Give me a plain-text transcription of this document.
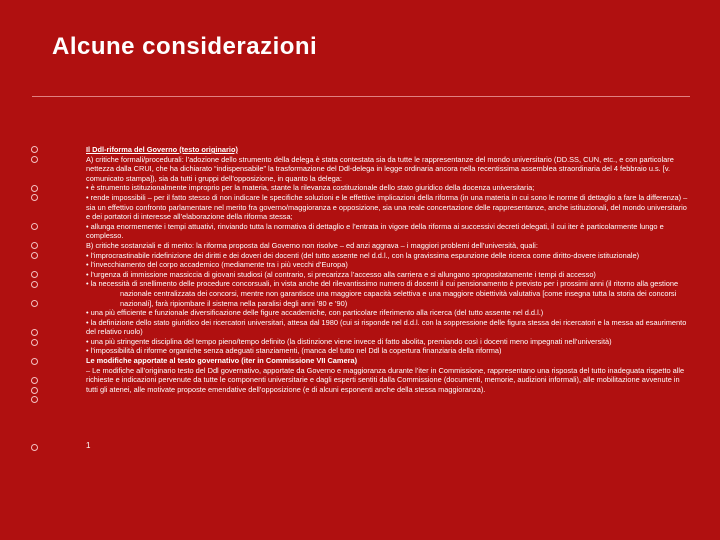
Alcune considerazioni

Il Ddl-riforma del Governo (testo originario)

A) critiche formali/procedurali: l’adozione dello strumento della delega è stata contestata sia da tutte le rappresentanze del mondo universitario (DD.SS, CUN, etc., e con particolare nettezza dalla CRUI, che ha dichiarato “indispensabile” la trasformazione del Ddl-delega in legge ordinaria ancora nella recentissima assemblea straordinaria del 4 febbraio u.s. [v. comunicato stampa]), sia da tutti i gruppi dell’opposizione, in quanto la delega:

• è strumento istituzionalmente improprio per la materia, stante la rilevanza costituzionale dello stato giuridico della docenza universitaria;

• rende impossibili – per il fatto stesso di non indicare le specifiche soluzioni e le effettive implicazioni della riforma (in una materia in cui sono le norme di dettaglio a fare la differenza) – sia un effettivo confronto parlamentare nel merito fra governo/maggioranza e opposizione, sia una reale concertazione delle rappresentanze, anche istituzionali, del mondo universitario e dei portatori di interesse all’elaborazione della riforma stessa;

• allunga enormemente i tempi attuativi, rinviando tutta la normativa di dettaglio e l’entrata in vigore della riforma ai successivi decreti delegati, il cui iter è particolarmente lungo e complesso.

B) critiche sostanziali e di merito: la riforma proposta dal Governo non risolve – ed anzi aggrava – i maggiori problemi dell’università, quali:

• l’improcrastinabile ridefinizione dei diritti e dei doveri dei docenti (del tutto assente nel d.d.l., con la gravissima espunzione delle ricerca come diritto-dovere istituzionale)

• l’invecchiamento del corpo accademico (mediamente tra i più vecchi d’Europa)

• l’urgenza di immissione massiccia di giovani studiosi (al contrario, si precarizza l’accesso alla carriera e si allungano spropositatamente i tempi di accesso)

• la necessità di snellimento delle procedure concorsuali, in vista anche del rilevantissimo numero di docenti il cui pensionamento è previsto per i prossimi anni (il ritorno alla gestione nazionale centralizzata dei concorsi, mentre non garantisce una maggiore capacità selettiva e una maggiore obiettività valutativa [come insegna tutta la storia dei concorsi nazionali], farà ripiombare il sistema nella paralisi degli anni ’80 e ’90)

• una più efficiente e funzionale diversificazione delle figure accademiche, con particolare riferimento alla ricerca (del tutto assente nel d.d.l.)

• la definizione dello stato giuridico dei ricercatori universitari, attesa dal 1980 (cui si risponde nel d.d.l. con la soppressione delle figura stessa dei ricercatori e la messa ad esaurimento del relativo ruolo)

• una più stringente disciplina del tempo pieno/tempo definito (la distinzione viene invece di fatto abolita, premiando così i docenti meno impegnati nell’università)

• l’impossibilità di riforme organiche senza adeguati stanziamenti, (manca del tutto nel Ddl la copertura finanziaria della riforma)

Le modifiche apportate al testo governativo (iter in Commissione VII Camera)

– Le modifiche all’originario testo del Ddl governativo, apportate da Governo e maggioranza durante l’iter in Commissione, rappresentano una risposta del tutto inadeguata rispetto alle richieste e indicazioni pervenute da tutte le componenti universitarie e dagli esperti sentiti dalla Commissione (documenti, memorie, audizioni informali), alle mobilitazione avvenute in tutti gli atenei, alle motivate proposte emendative dell’opposizione (e di alcuni esponenti anche della stessa maggioranza).

1
